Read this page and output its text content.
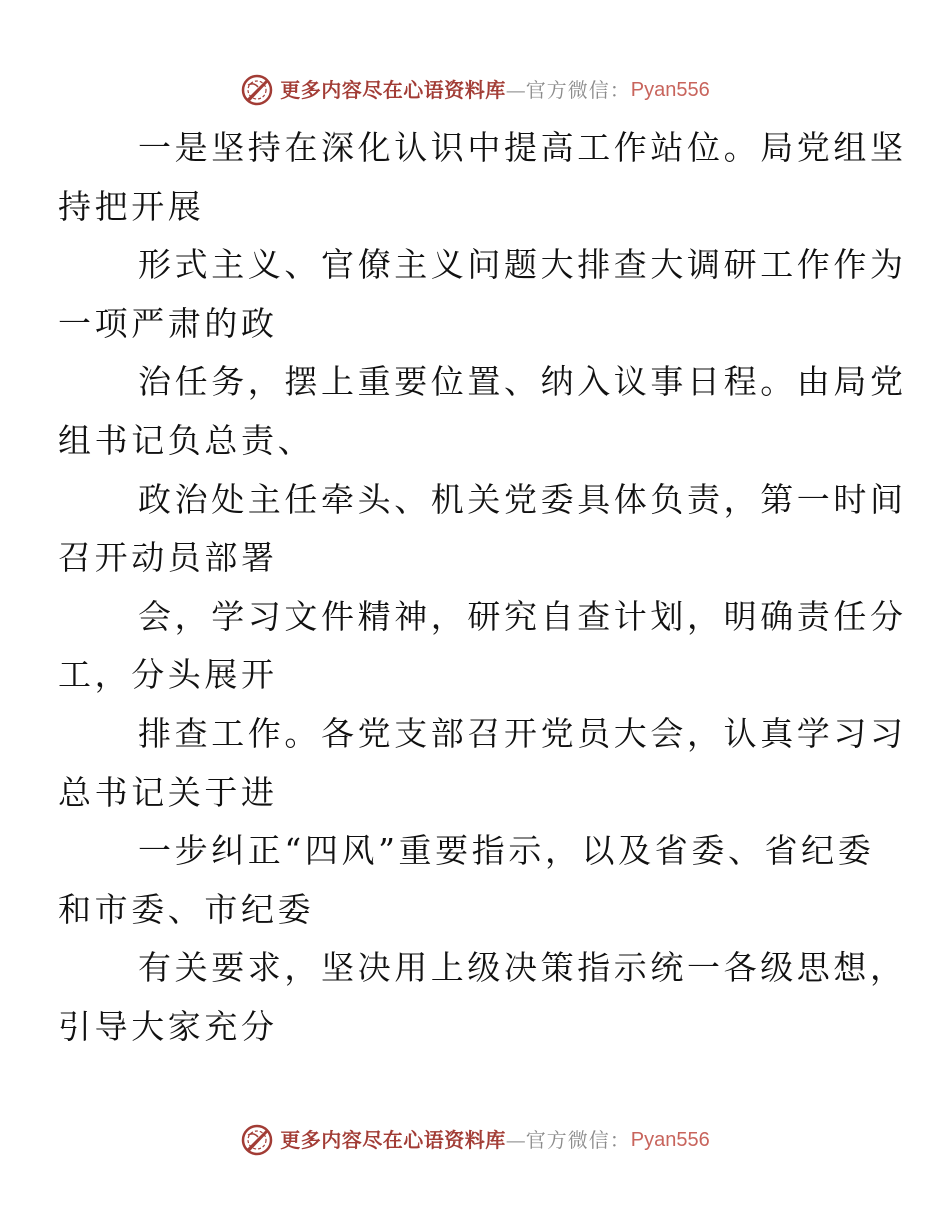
更多内容尽在心语资料库 — 官方微信： Pyan556
一是坚持在深化认识中提高工作站位。局党组坚
持把开展
形式主义、官僚主义问题大排查大调研工作作为
一项严肃的政
治任务，摆上重要位置、纳入议事日程。由局党
组书记负总责、
政治处主任牵头、机关党委具体负责，第一时间
召开动员部署
会，学习文件精神，研究自查计划，明确责任分
工，分头展开
排查工作。各党支部召开党员大会，认真学习习
总书记关于进
一步纠正“四风”重要指示，以及省委、省纪委
和市委、市纪委
有关要求，坚决用上级决策指示统一各级思想，
引导大家充分
更多内容尽在心语资料库 — 官方微信： Pyan556
